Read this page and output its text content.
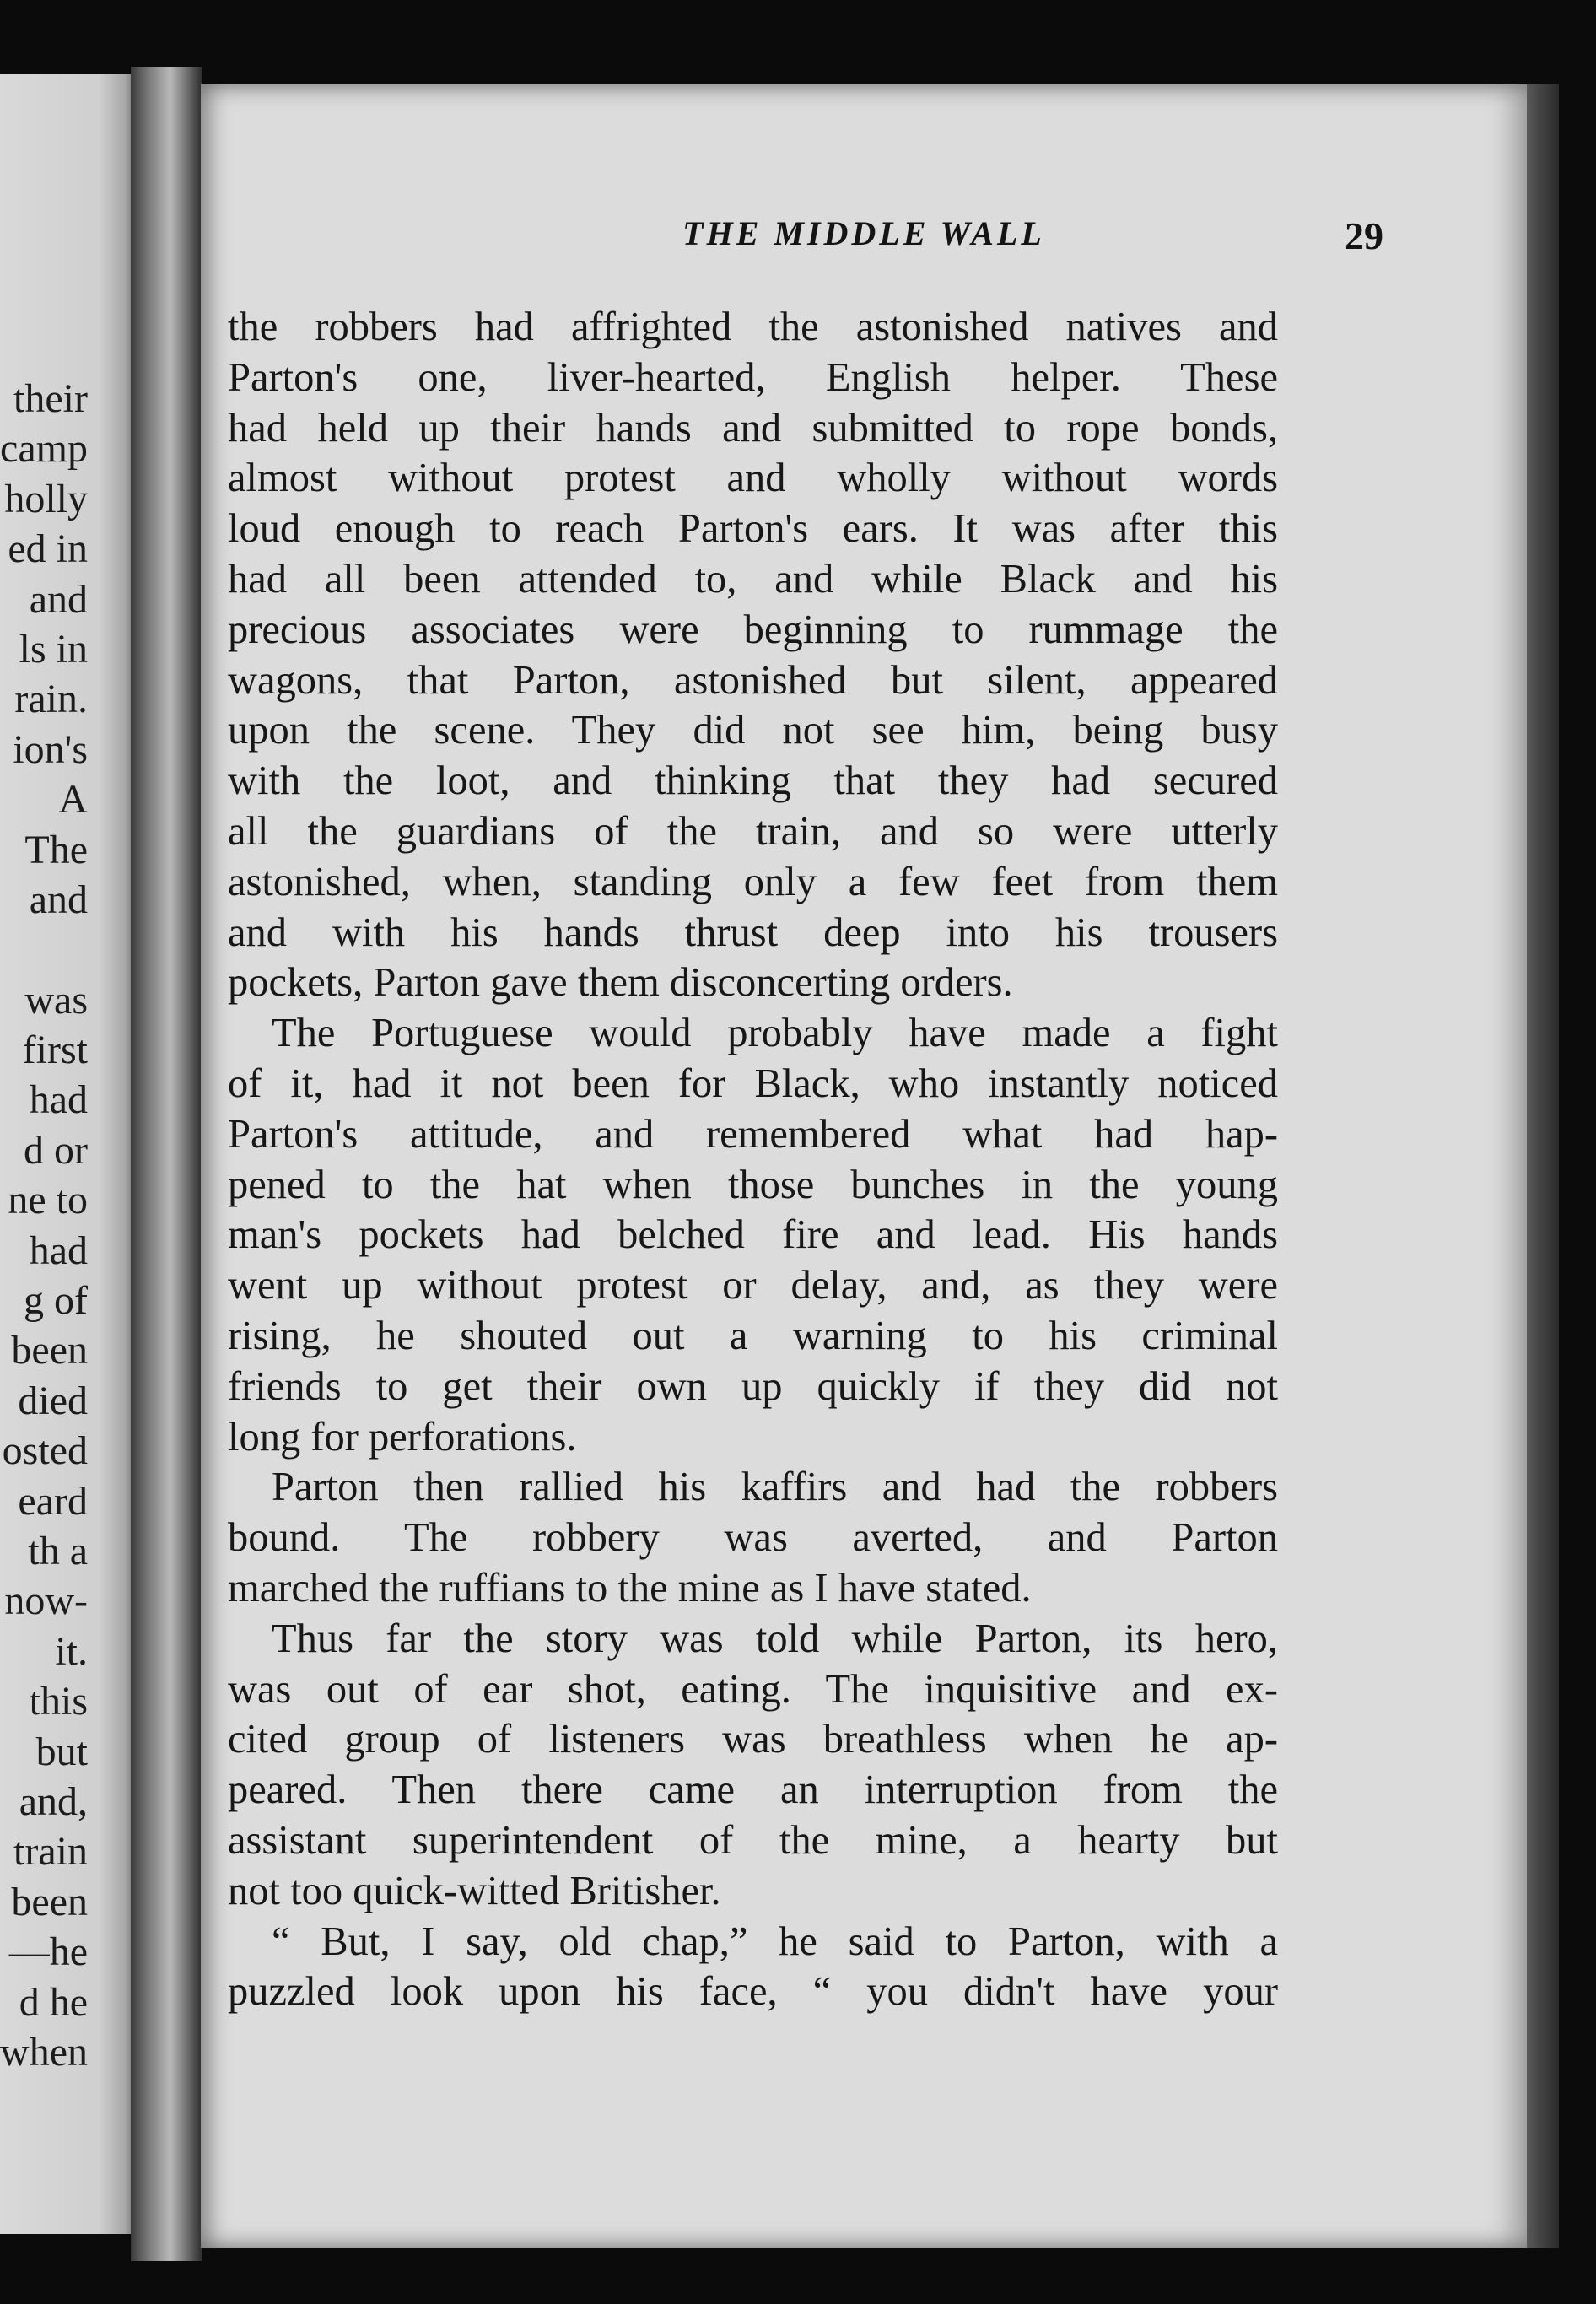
their
camp
holly
ed in
and
ls in
rain.
ion's
A
The
and
was
first
had
d or
ne to
had
g of
been
died
osted
eard
th a
now-
it.
this
but
and,
train
been
—he
d he
when
THE MIDDLE WALL	29
the robbers had affrighted the astonished natives and
Parton's one, liver-hearted, English helper. These
had held up their hands and submitted to rope bonds,
almost without protest and wholly without words
loud enough to reach Parton's ears. It was after this
had all been attended to, and while Black and his
precious associates were beginning to rummage the
wagons, that Parton, astonished but silent, appeared
upon the scene. They did not see him, being busy
with the loot, and thinking that they had secured
all the guardians of the train, and so were utterly
astonished, when, standing only a few feet from them
and with his hands thrust deep into his trousers
pockets, Parton gave them disconcerting orders.
The Portuguese would probably have made a fight
of it, had it not been for Black, who instantly noticed
Parton's attitude, and remembered what had hap-
pened to the hat when those bunches in the young
man's pockets had belched fire and lead. His hands
went up without protest or delay, and, as they were
rising, he shouted out a warning to his criminal
friends to get their own up quickly if they did not
long for perforations.
Parton then rallied his kaffirs and had the robbers
bound. The robbery was averted, and Parton
marched the ruffians to the mine as I have stated.
Thus far the story was told while Parton, its hero,
was out of ear shot, eating. The inquisitive and ex-
cited group of listeners was breathless when he ap-
peared. Then there came an interruption from the
assistant superintendent of the mine, a hearty but
not too quick-witted Britisher.
“ But, I say, old chap,” he said to Parton, with a
puzzled look upon his face, “ you didn't have your
